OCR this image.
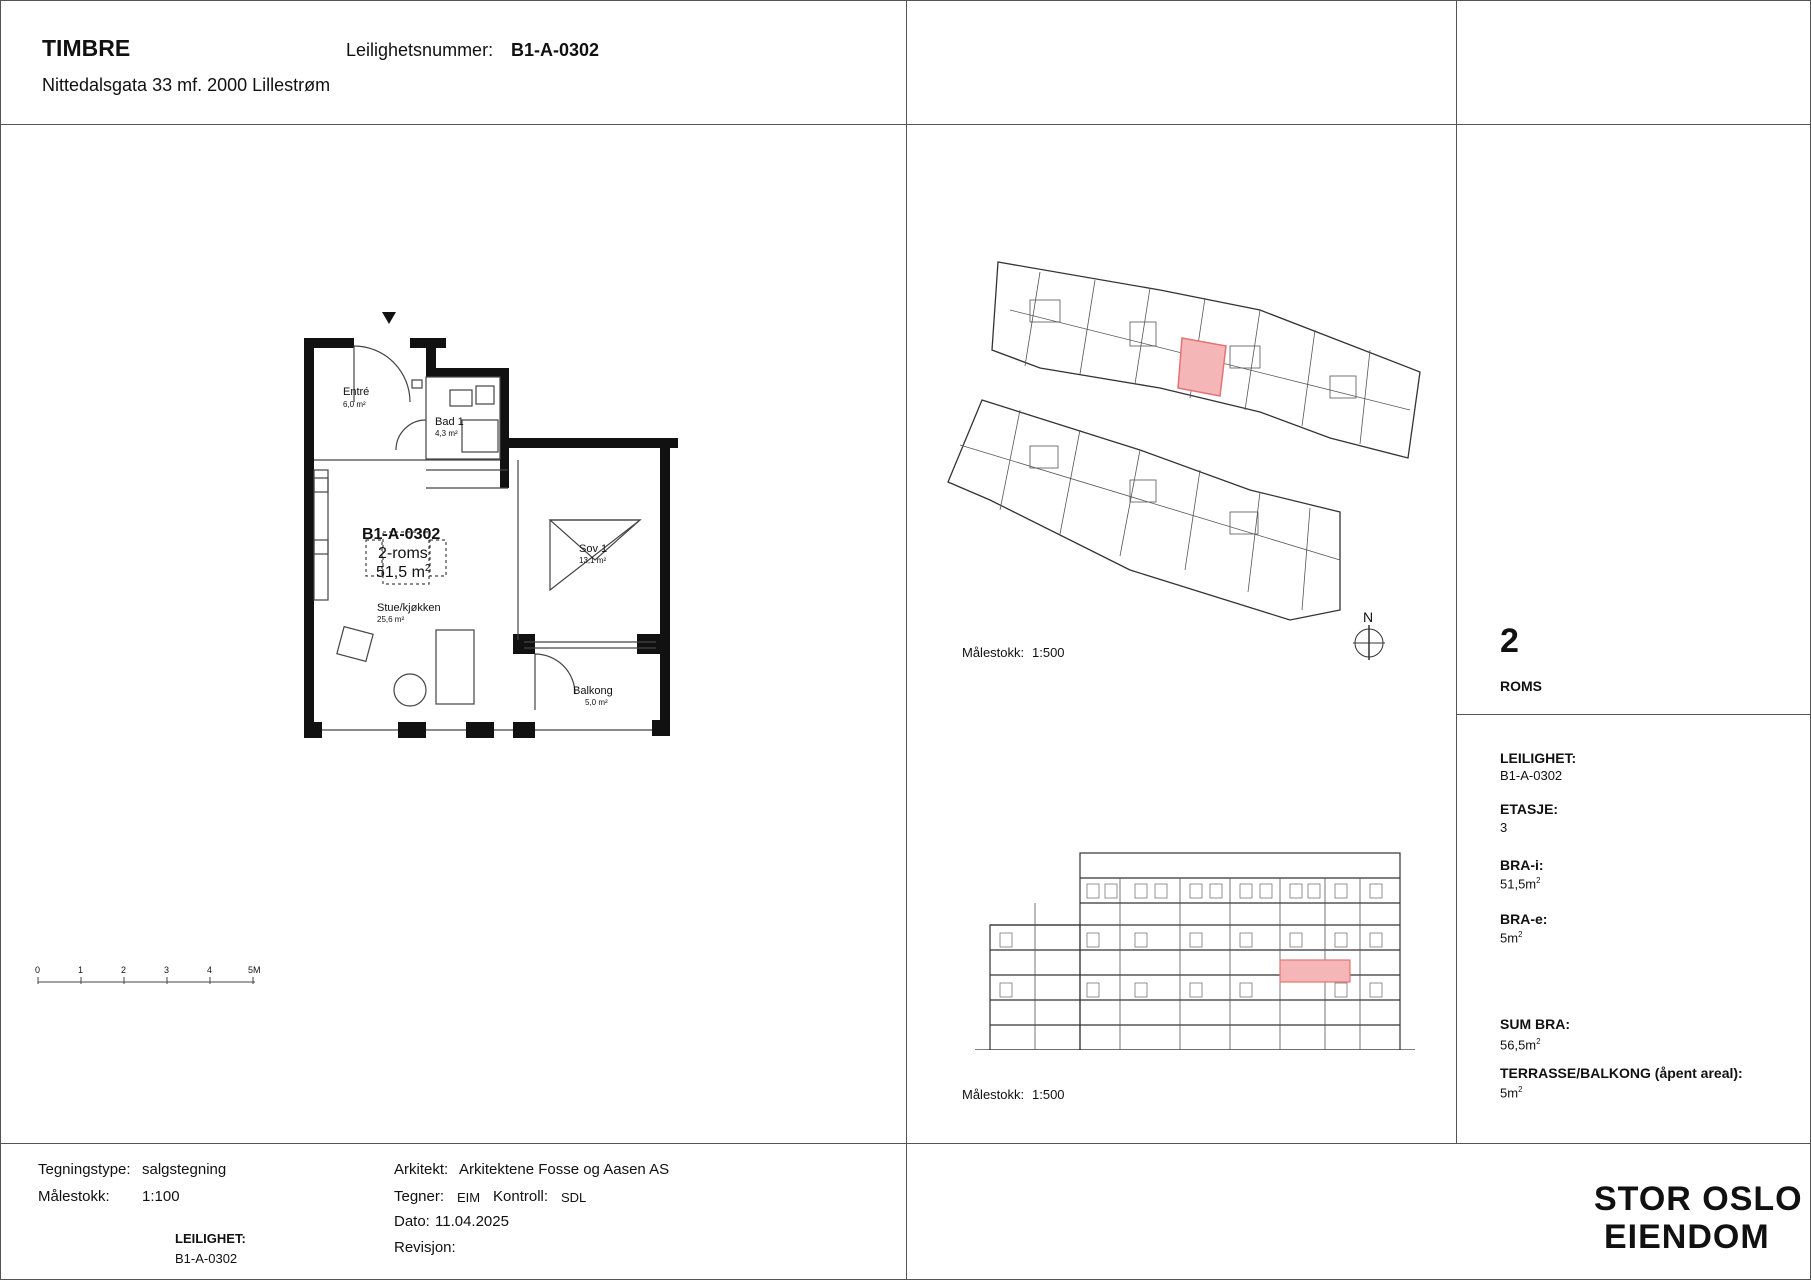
TIMBRE
Nittedalsgata 33 mf. 2000 Lillestrøm
Leilighetsnummer: B1-A-0302
Entré
6,0 m²
Bad 1
4,3 m²
B1-A-0302
2-roms
51,5 $m^2$
Stue/kjøkken
25,6 m²
Sov 1
13,1 m²
Balkong
5,0 m²
0	1	2	3	4	5M
N
Målestokk: 1:500
Målestokk: 1:500
2
ROMS
LEILIGHET:
B1-A-0302
ETASJE:
3
BRA-i:
$51,5m^2$
BRA-e:
$5m^2$
SUM BRA:
$56,5m^2$
TERRASSE/BALKONG (åpent areal):
$5m^2$
Tegningstype: salgstegning
Målestokk: 1:100
LEILIGHET:
B1-A-0302
Arkitekt: Arkitektene Fosse og Aasen AS
Tegner: EIM Kontroll: SDL
Dato: 11.04.2025
Revisjon:
STOR OSLO
EIENDOM
